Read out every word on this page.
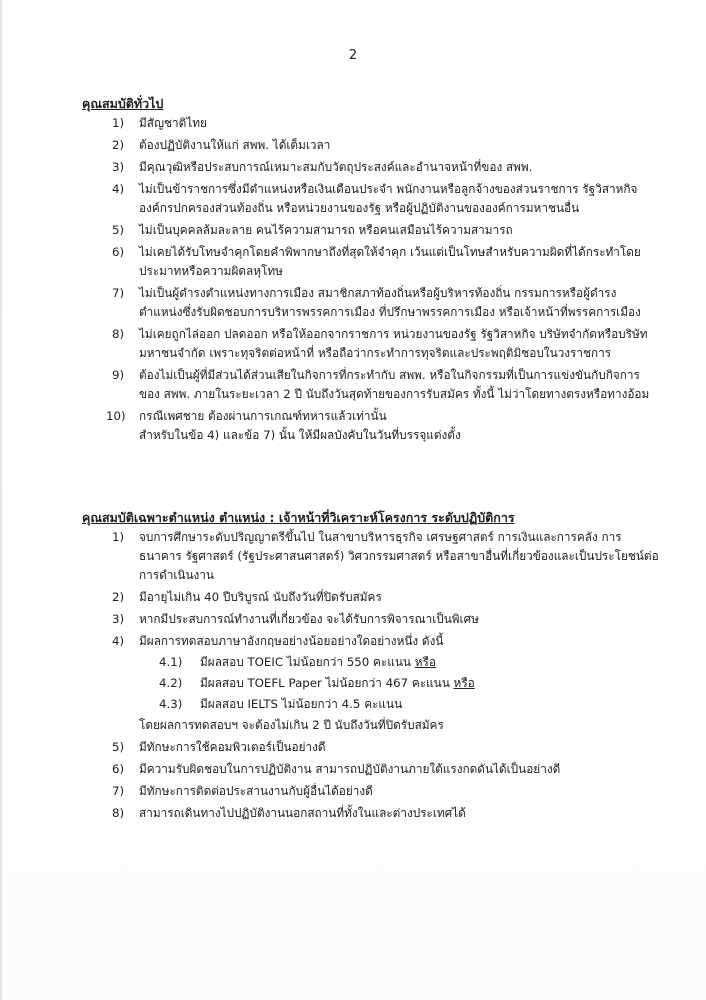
2
คุณสมบัติทั่วไป
1)	มีสัญชาติไทย
2)	ต้องปฏิบัติงานให้แก่ สพพ. ได้เต็มเวลา
3)	มีคุณวุฒิหรือประสบการณ์เหมาะสมกับวัตถุประสงค์และอำนาจหน้าที่ของ สพพ.
4)	ไม่เป็นข้าราชการซึ่งมีตำแหน่งหรือเงินเดือนประจำ พนักงานหรือลูกจ้างของส่วนราชการ รัฐวิสาหกิจ องค์กรปกครองส่วนท้องถิ่น หรือหน่วยงานของรัฐ หรือผู้ปฏิบัติงานขององค์การมหาชนอื่น
5)	ไม่เป็นบุคคลล้มละลาย คนไร้ความสามารถ หรือคนเสมือนไร้ความสามารถ
6)	ไม่เคยได้รับโทษจำคุกโดยคำพิพากษาถึงที่สุดให้จำคุก เว้นแต่เป็นโทษสำหรับความผิดที่ได้กระทำโดยประมาทหรือความผิดลหุโทษ
7)	ไม่เป็นผู้ดำรงตำแหน่งทางการเมือง สมาชิกสภาท้องถิ่นหรือผู้บริหารท้องถิ่น กรรมการหรือผู้ดำรงตำแหน่งซึ่งรับผิดชอบการบริหารพรรคการเมือง ที่ปรึกษาพรรคการเมือง หรือเจ้าหน้าที่พรรคการเมือง
8)	ไม่เคยถูกไล่ออก ปลดออก หรือให้ออกจากราชการ หน่วยงานของรัฐ รัฐวิสาหกิจ บริษัทจำกัดหรือบริษัทมหาชนจำกัด เพราะทุจริตต่อหน้าที่ หรือถือว่ากระทำการทุจริตและประพฤติมิชอบในวงราชการ
9)	ต้องไม่เป็นผู้ที่มีส่วนได้ส่วนเสียในกิจการที่กระทำกับ สพพ. หรือในกิจกรรมที่เป็นการแข่งขันกับกิจการของ สพพ. ภายในระยะเวลา 2 ปี นับถึงวันสุดท้ายของการรับสมัคร ทั้งนี้ ไม่ว่าโดยทางตรงหรือทางอ้อม
10)	กรณีเพศชาย ต้องผ่านการเกณฑ์ทหารแล้วเท่านั้น
สำหรับในข้อ 4) และข้อ 7) นั้น ให้มีผลบังคับในวันที่บรรจุแต่งตั้ง
คุณสมบัติเฉพาะตำแหน่ง ตำแหน่ง : เจ้าหน้าที่วิเคราะห์โครงการ ระดับปฏิบัติการ
1)	จบการศึกษาระดับปริญญาตรีขึ้นไป ในสาขาบริหารธุรกิจ เศรษฐศาสตร์ การเงินและการคลัง การธนาคาร รัฐศาสตร์ (รัฐประศาสนศาสตร์) วิศวกรรมศาสตร์ หรือสาขาอื่นที่เกี่ยวข้องและเป็นประโยชน์ต่อการดำเนินงาน
2)	มีอายุไม่เกิน 40 ปีบริบูรณ์ นับถึงวันที่ปิดรับสมัคร
3)	หากมีประสบการณ์ทำงานที่เกี่ยวข้อง จะได้รับการพิจารณาเป็นพิเศษ
4)	มีผลการทดสอบภาษาอังกฤษอย่างน้อยอย่างใดอย่างหนึ่ง ดังนี้
4.1) มีผลสอบ TOEIC ไม่น้อยกว่า 550 คะแนน หรือ
4.2) มีผลสอบ TOEFL Paper ไม่น้อยกว่า 467 คะแนน หรือ
4.3) มีผลสอบ IELTS ไม่น้อยกว่า 4.5 คะแนน
โดยผลการทดสอบฯ จะต้องไม่เกิน 2 ปี นับถึงวันที่ปิดรับสมัคร
5)	มีทักษะการใช้คอมพิวเตอร์เป็นอย่างดี
6)	มีความรับผิดชอบในการปฏิบัติงาน สามารถปฏิบัติงานภายใต้แรงกดดันได้เป็นอย่างดี
7)	มีทักษะการติดต่อประสานงานกับผู้อื่นได้อย่างดี
8)	สามารถเดินทางไปปฏิบัติงานนอกสถานที่ทั้งในและต่างประเทศได้
